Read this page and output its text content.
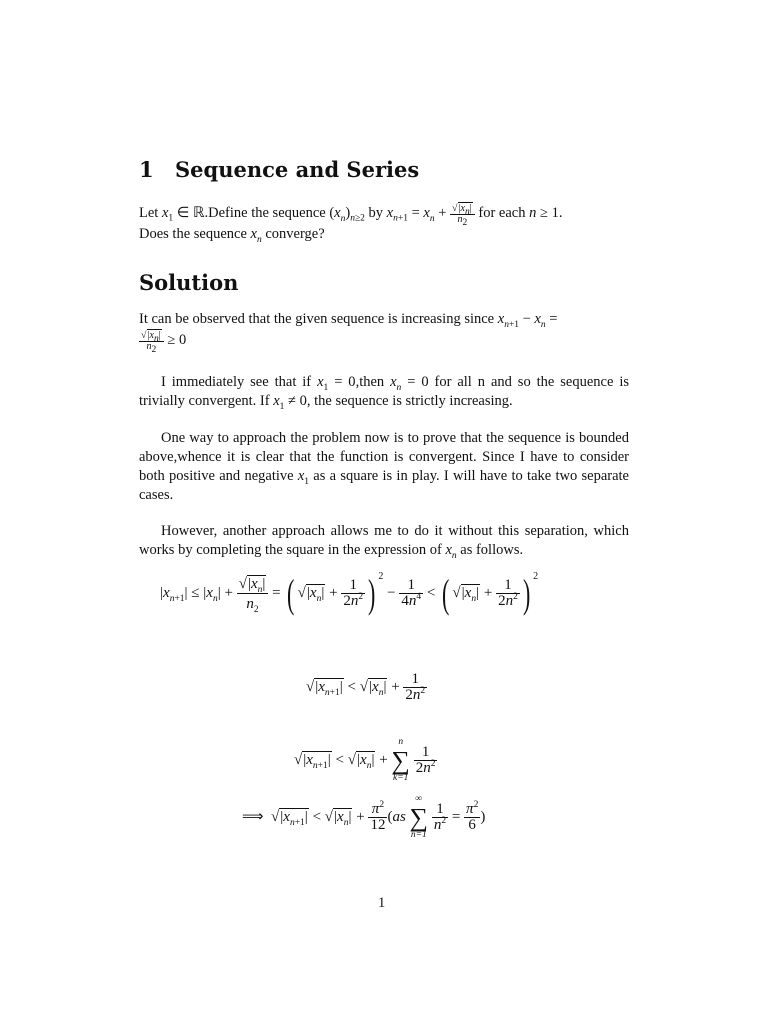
1 Sequence and Series
Let $x_1$ ∈ ℝ.Define the sequence $(x_n)_{n\ge 2}$ by $x_{n+1} = x_n + \frac{√|x_n|}{n_2}$ for each n ≥ 1.
Does the sequence $x_n$ converge?
Solution
It can be observed that the given sequence is increasing since $x_{n+1} - x_n$ =

$\frac{√|x_n|}{n_2} \ge 0$
I immediately see that if $x_1$ = 0,then $x_n = 0$ for all n and so the sequence is trivially convergent. If $x_1 \ne 0$, the sequence is strictly increasing.
One way to approach the problem now is to prove that the sequence is bounded above,whence it is clear that the function is convergent. Since I have to consider both positive and negative $x_1$ as a square is in play. I will have to take two separate cases.
However, another approach allows me to do it without this separation, which works by completing the square in the expression of $x_n$ as follows.
$|x_{n+1}| \le |x_n| + \frac{√|x_n|}{n_2}$ = ( $√|x_n| + \frac{1}{2n^2}$ ) $^2 - \frac{1}{4n^4}$ < ( $√|x_n| + \frac{1}{2n^2}$ ) $^2$
$√|x_{n+1}| < √|x_n| + \frac{1}{2n^2}$
$√|x_{n+1}| < √|x_n|$ +
n
∑
k=1

$\frac{1}{2n^2}$
⟹  $√|x_{n+1}| < √|x_n| + \frac{\pi^2}{12} (as$
∞
∑
n=1

$\frac{1}{n^2} = \frac{\pi^2}{6}$ )
1
